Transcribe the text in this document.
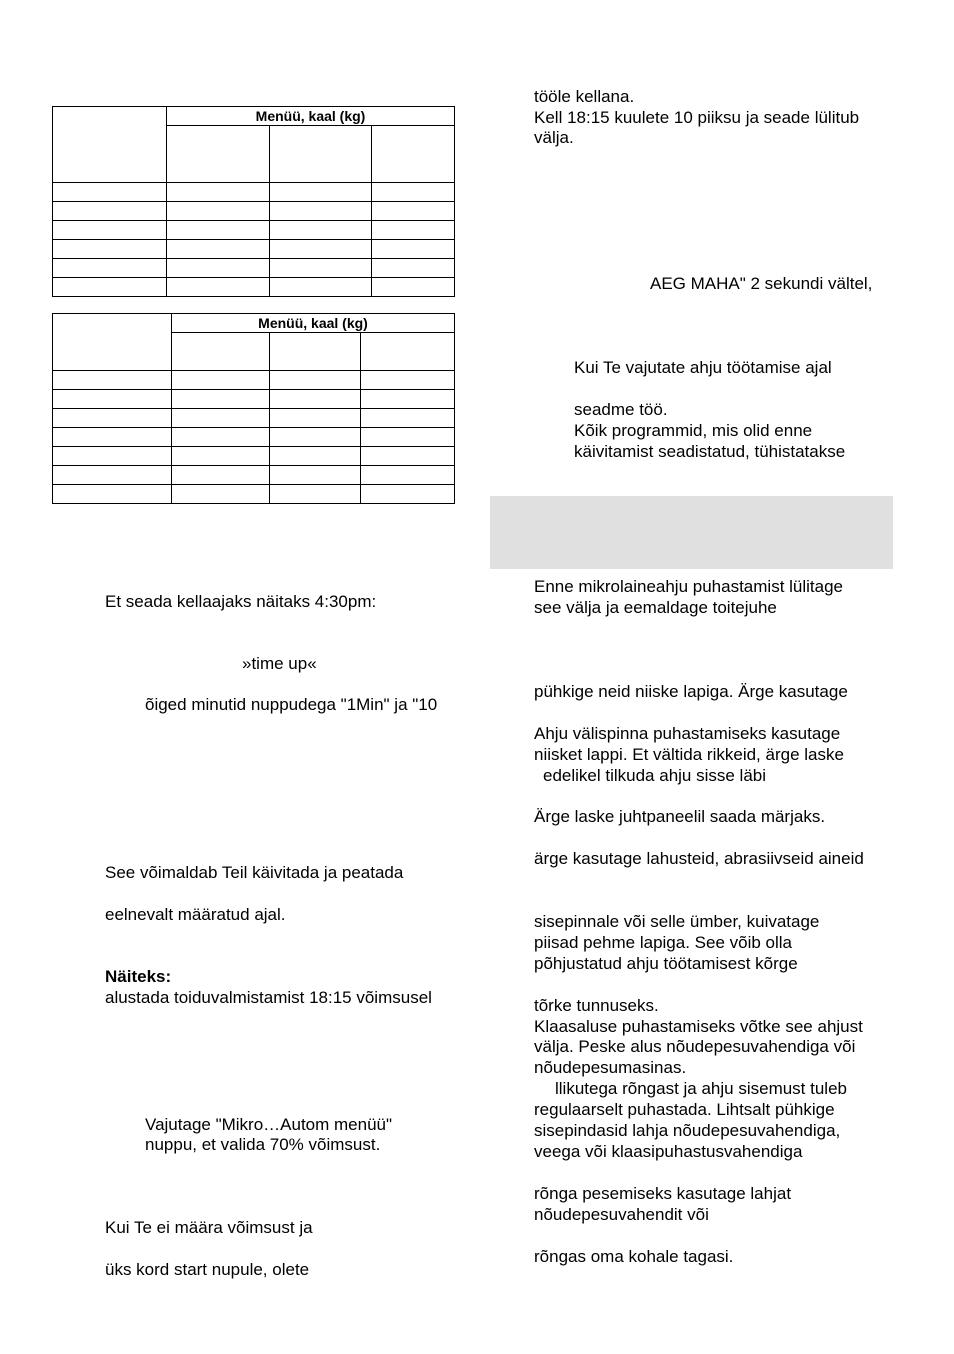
	Menüü, kaal (kg)		

	Menüü, kaal (kg)		

Et seada kellaajaks näitaks 4:30pm:
»time up«
õiged minutid nuppudega "1Min" ja "10
See võimaldab Teil käivitada ja peatada
eelnevalt määratud ajal.
Näiteks:
alustada toiduvalmistamist 18:15 võimsusel
Vajutage "Mikro…Autom menüü"
nuppu, et valida 70% võimsust.
Kui Te ei määra võimsust ja
üks kord start nupule, olete
tööle kellana.
Kell 18:15 kuulete 10 piiksu ja seade lülitub
välja.
AEG MAHA" 2 sekundi vältel,
Kui Te vajutate ahju töötamise ajal
seadme töö.
Kõik programmid, mis olid enne
käivitamist seadistatud, tühistatakse
Enne mikrolaineahju puhastamist lülitage
see välja ja eemaldage toitejuhe
pühkige neid niiske lapiga. Ärge kasutage
Ahju välispinna puhastamiseks kasutage
niisket lappi. Et vältida rikkeid, ärge laske
edelikel tilkuda ahju sisse läbi
Ärge laske juhtpaneelil saada märjaks.
ärge kasutage lahusteid, abrasiivseid aineid
sisepinnale või selle ümber, kuivatage
piisad pehme lapiga. See võib olla
põhjustatud ahju töötamisest kõrge
tõrke tunnuseks.
Klaasaluse puhastamiseks võtke see ahjust
välja. Peske alus nõudepesuvahendiga või
nõudepesumasinas.
llikutega rõngast ja ahju sisemust tuleb
regulaarselt puhastada. Lihtsalt pühkige
sisepindasid lahja nõudepesuvahendiga,
veega või klaasipuhastusvahendiga
rõnga pesemiseks kasutage lahjat
nõudepesuvahendit või
rõngas oma kohale tagasi.
